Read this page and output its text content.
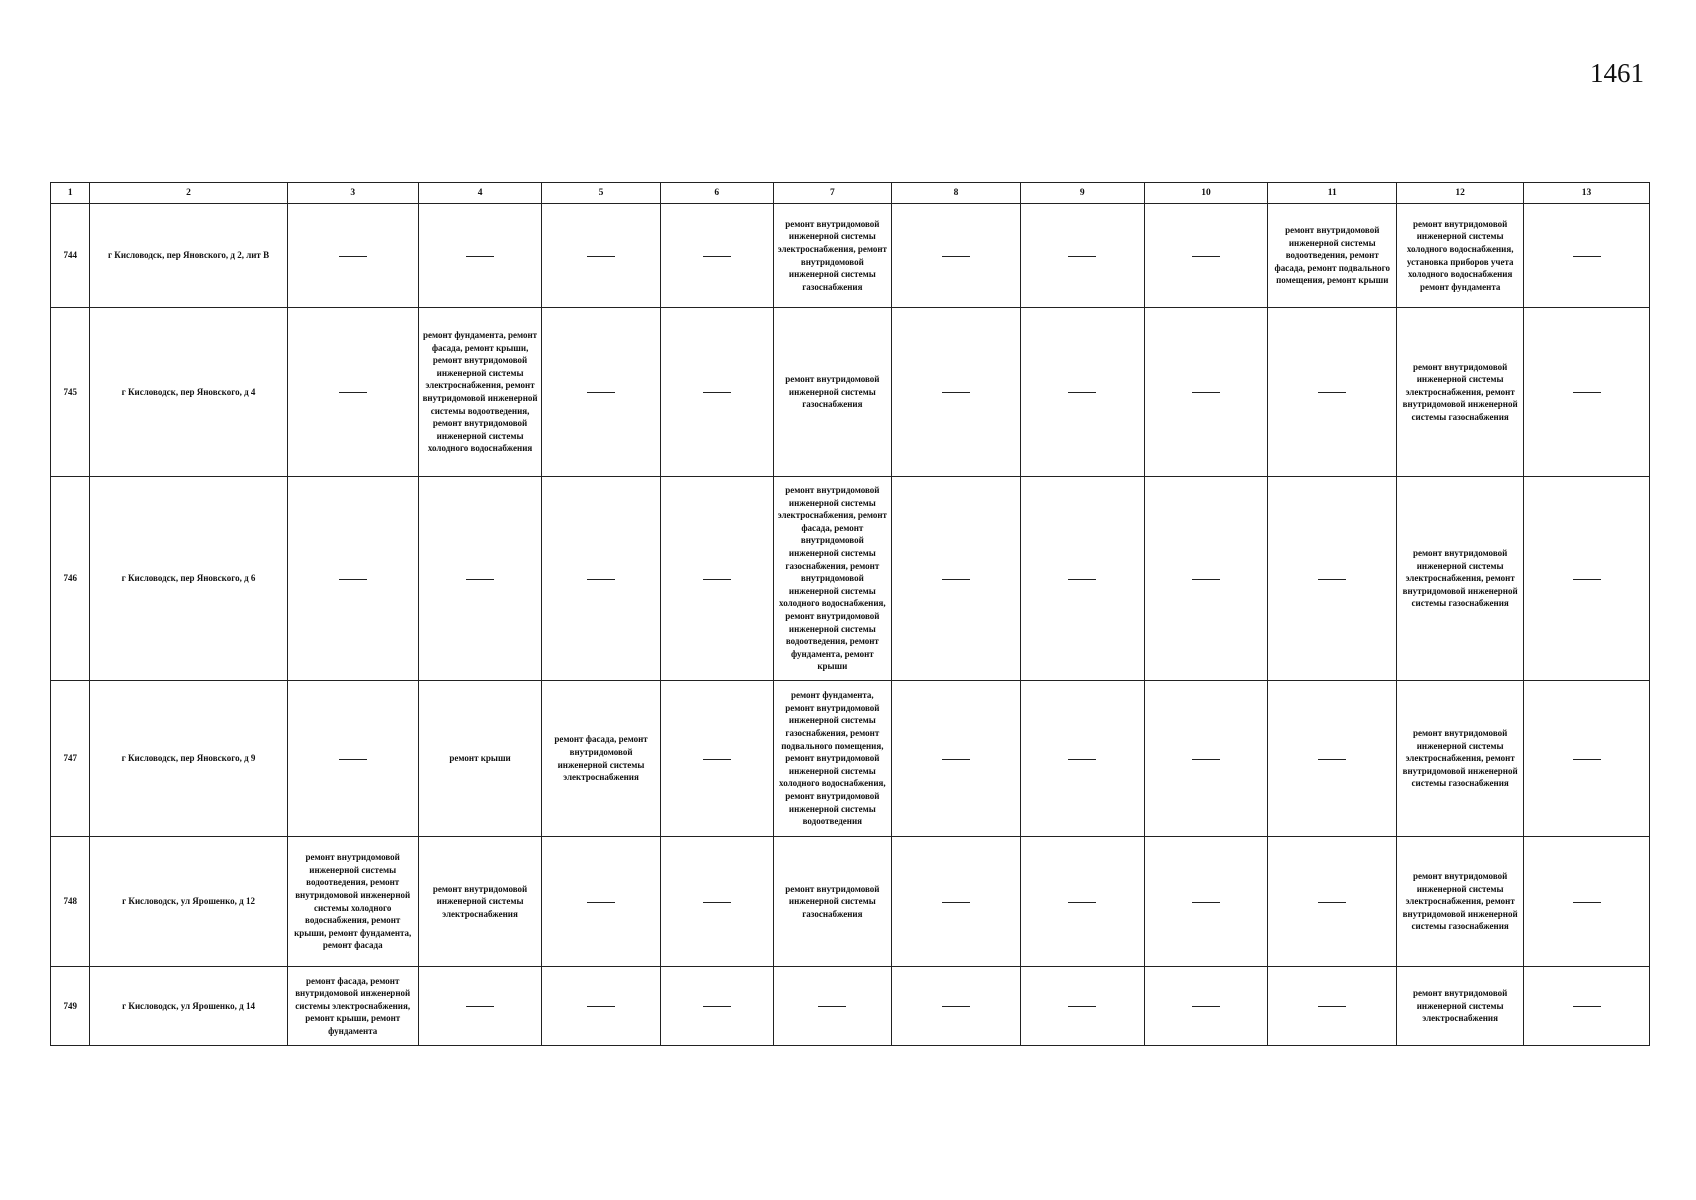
1461
1	2	3	4	5	6	7	8	9	10	11	12	13
744	г Кисловодск, пер Яновского, д 2, лит В					ремонт внутридомовой инженерной системы электроснабжения, ремонт внутридомовой инженерной системы газоснабжения				ремонт внутридомовой инженерной системы водоотведения, ремонт фасада, ремонт подвального помещения, ремонт крыши	ремонт внутридомовой инженерной системы холодного водоснабжения, установка приборов учета холодного водоснабжения ремонт фундамента	
745	г Кисловодск, пер Яновского, д 4		ремонт фундамента, ремонт фасада, ремонт крыши, ремонт внутридомовой инженерной системы электроснабжения, ремонт внутридомовой инженерной системы водоотведения, ремонт внутридомовой инженерной системы холодного водоснабжения			ремонт внутридомовой инженерной системы газоснабжения					ремонт внутридомовой инженерной системы электроснабжения, ремонт внутридомовой инженерной системы газоснабжения	
746	г Кисловодск, пер Яновского, д 6					ремонт внутридомовой инженерной системы электроснабжения, ремонт фасада, ремонт внутридомовой инженерной системы газоснабжения, ремонт внутридомовой инженерной системы холодного водоснабжения, ремонт внутридомовой инженерной системы водоотведения, ремонт фундамента, ремонт крыши					ремонт внутридомовой инженерной системы электроснабжения, ремонт внутридомовой инженерной системы газоснабжения	
747	г Кисловодск, пер Яновского, д 9		ремонт крыши	ремонт фасада, ремонт внутридомовой инженерной системы электроснабжения		ремонт фундамента, ремонт внутридомовой инженерной системы газоснабжения, ремонт подвального помещения, ремонт внутридомовой инженерной системы холодного водоснабжения, ремонт внутридомовой инженерной системы водоотведения					ремонт внутридомовой инженерной системы электроснабжения, ремонт внутридомовой инженерной системы газоснабжения	
748	г Кисловодск, ул Ярошенко, д 12	ремонт внутридомовой инженерной системы водоотведения, ремонт внутридомовой инженерной системы холодного водоснабжения, ремонт крыши, ремонт фундамента, ремонт фасада	ремонт внутридомовой инженерной системы электроснабжения			ремонт внутридомовой инженерной системы газоснабжения					ремонт внутридомовой инженерной системы электроснабжения, ремонт внутридомовой инженерной системы газоснабжения	
749	г Кисловодск, ул Ярошенко, д 14	ремонт фасада, ремонт внутридомовой инженерной системы электроснабжения, ремонт крыши, ремонт фундамента									ремонт внутридомовой инженерной системы электроснабжения	
